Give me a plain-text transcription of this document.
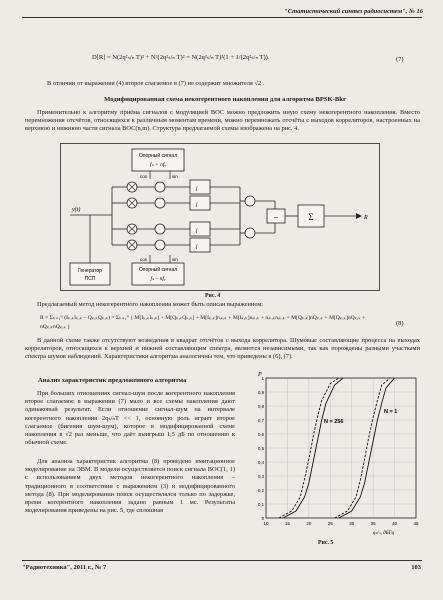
"Статистический синтез радиосистем", № 16
D[R] = N(2q²ₛ/ₙ T)² + N²(2q²ₛ/ₙ T)² = N(2q²ₛ/ₙ T)²(1 + 1/(2q²ₛ/ₙ T)).	(7)
В отличии от выражения (4) второе слагаемое в (7) не содержит множителя √2 .
Модифицированная схема некогерентного накопления для алгоритма BPSK-Bkr
Применительно к алгоритму приёма сигналов с модуляцией ВОС можно предложить иную схему некогерентного накопления. Вместо перемножения отсчётов, относящихся к различным моментам времени, можно перемножать отсчёты с выходов корреляторов, настроенных на верхнюю и нижнюю части сигнала ВОС(n,m). Структура предлагаемой схемы изображена на рис. 4.
Опорный сигнал
fₛ + nfₒ
Опорный сигнал
fₛ – nfₒ
Генератор
ПСП
y(t)
cos	sin
cos	sin
∫
∫
∫
∫
–	Σ	R
Рис. 4
Предлагаемый метод некогерентного накопления может быть описан выражением:
R = Σₖ₌₁ᴺ (Iₖ,ₖIₖ,ₖ – Qₖ,ₖQₖ,ₖ) = Σₖ₌₁ᴺ { M[Iₖ,ₖIₖ,ₖ] + M[Qₖ,ₖQₖ,ₖ] + M[Iₖ,ₖ]nᵢₖ,ₖ + M[Iₖ,ₖ]nᵢₖ,ₖ + nᵢₖ,ₖnᵢₖ,ₖ + M[Qₖ,ₖ]nQₖ,ₖ + M[Qₖ,ₖ]nQₖ,ₖ + nQₖ,ₖnQₖ,ₖ }	(8)
В данной схеме также отсутствуют возведения в квадрат отсчётов с выхода коррелятора. Шумовые составляющие процесса на выходах корреляторов, относящихся к верхней и нижней составляющим спектра, являются независимыми, так как порождены разными участками спектра шумов наблюдений. Характеристики алгоритма аналогичны тем, что приведены в (6), (7).
Анализ характеристик предложенного алгоритма
При больших отношениях сигнал-шум после когерентного накопления второе слагаемое в выражении (7) мало и все схемы накопления дают одинаковый результат. Если отношение сигнал-шум на интервале когерентного накопления 2qₛ/ₙT << 1, основную роль играет второе слагаемое (бигения шум-шум), которое в модифицированной схеме накопления в √2 раз меньше, что даёт выигрыш 1,5 дБ по отношению к обычной схеме.
Для анализа характеристик алгоритма (8) проведено имитационное моделирование на ЭВМ. В модели осуществляется поиск сигнала ВОС(1, 1) с использованием двух методов некогерентного накопления – традиционного в соответствии с выражением (3) и модифицированного метода (8). При моделировании поиск осуществлялся только по задержке, время когерентного накопления задано равным 1 мс. Результаты моделирования приведены на рис. 5, где сплошная
P
0
0,1
0,2
0,3
0,4
0,5
0,6
0,7
0,8
0,9
1
10	15	20	25	30	35	40	45
N = 256
N = 1
qₛ/ₙ, дБГц
Рис. 5
"Радиотехника", 2011 г., № 7	103
